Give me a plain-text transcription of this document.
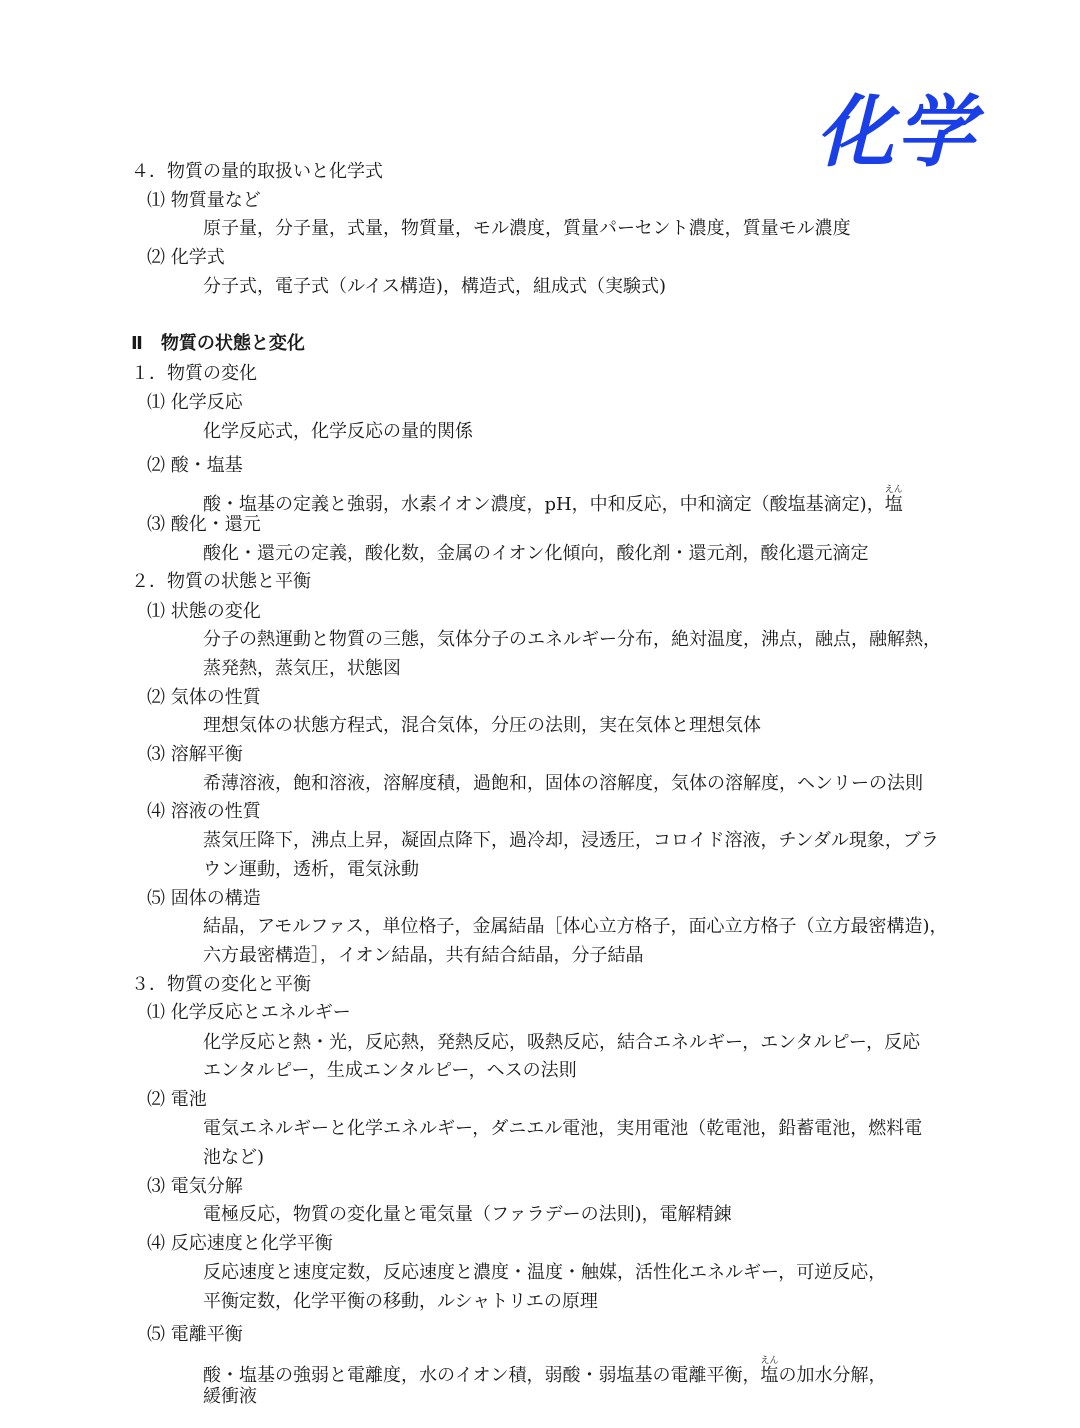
化学
４．物質の量的取扱いと化学式
⑴ 物質量など
原子量，分子量，式量，物質量，モル濃度，質量パーセント濃度，質量モル濃度
⑵ 化学式
分子式，電子式（ルイス構造)，構造式，組成式（実験式)
Ⅱ　物質の状態と変化
１．物質の変化
⑴ 化学反応
化学反応式，化学反応の量的関係
⑵ 酸・塩基
酸・塩基の定義と強弱，水素イオン濃度，pH，中和反応，中和滴定（酸塩基滴定)，塩えん
⑶ 酸化・還元
酸化・還元の定義，酸化数，金属のイオン化傾向，酸化剤・還元剤，酸化還元滴定
２．物質の状態と平衡
⑴ 状態の変化
分子の熱運動と物質の三態，気体分子のエネルギー分布，絶対温度，沸点，融点，融解熱，
蒸発熱，蒸気圧，状態図
⑵ 気体の性質
理想気体の状態方程式，混合気体，分圧の法則，実在気体と理想気体
⑶ 溶解平衡
希薄溶液，飽和溶液，溶解度積，過飽和，固体の溶解度，気体の溶解度，ヘンリーの法則
⑷ 溶液の性質
蒸気圧降下，沸点上昇，凝固点降下，過冷却，浸透圧，コロイド溶液，チンダル現象，ブラ
ウン運動，透析，電気泳動
⑸ 固体の構造
結晶，アモルファス，単位格子，金属結晶［体心立方格子，面心立方格子（立方最密構造)，
六方最密構造］，イオン結晶，共有結合結晶，分子結晶
３．物質の変化と平衡
⑴ 化学反応とエネルギー
化学反応と熱・光，反応熱，発熱反応，吸熱反応，結合エネルギー，エンタルピー，反応
エンタルピー，生成エンタルピー，ヘスの法則
⑵ 電池
電気エネルギーと化学エネルギー，ダニエル電池，実用電池（乾電池，鉛蓄電池，燃料電
池など)
⑶ 電気分解
電極反応，物質の変化量と電気量（ファラデーの法則)，電解精錬
⑷ 反応速度と化学平衡
反応速度と速度定数，反応速度と濃度・温度・触媒，活性化エネルギー，可逆反応，
平衡定数，化学平衡の移動，ルシャトリエの原理
⑸ 電離平衡
酸・塩基の強弱と電離度，水のイオン積，弱酸・弱塩基の電離平衡，塩えんの加水分解，
緩衝液
